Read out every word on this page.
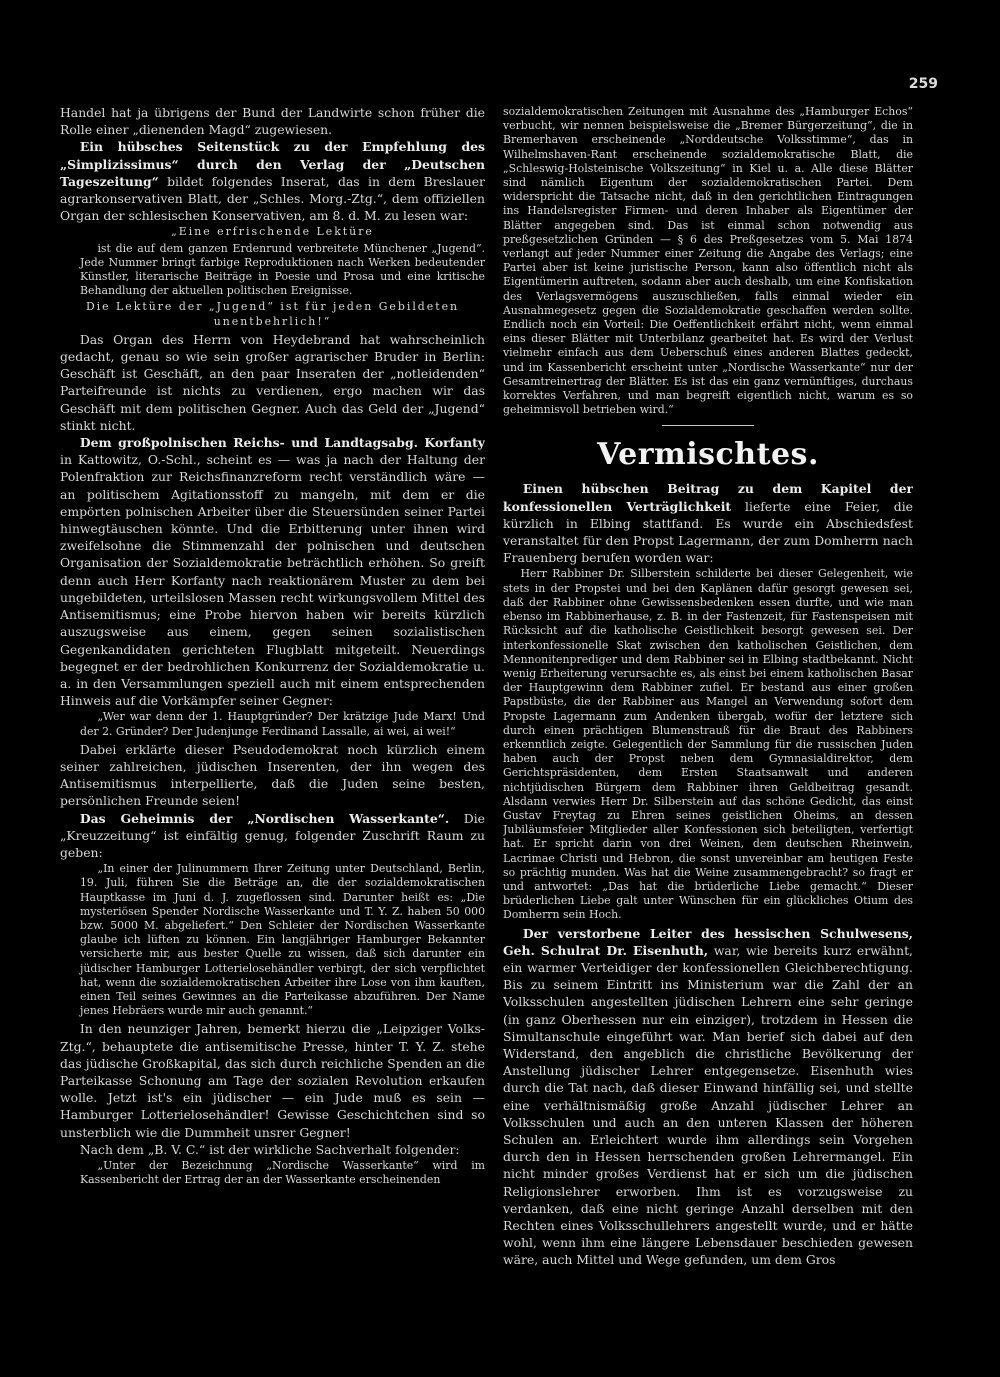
259

Handel hat ja übrigens der Bund der Landwirte schon früher die Rolle einer „dienenden Magd“ zugewiesen.

Ein hübsches Seitenstück zu der Empfehlung des „Simplizissimus“ durch den Verlag der „Deutschen Tageszeitung“ bildet folgendes Inserat, das in dem Breslauer agrarkonservativen Blatt, der „Schles. Morg.-Ztg.“, dem offiziellen Organ der schlesischen Konservativen, am 8. d. M. zu lesen war:

„Eine erfrischende Lektüre

ist die auf dem ganzen Erdenrund verbreitete Münchener „Jugend“. Jede Nummer bringt farbige Reproduktionen nach Werken bedeutender Künstler, literarische Beiträge in Poesie und Prosa und eine kritische Behandlung der aktuellen politischen Ereignisse.

Die Lektüre der „Jugend“ ist für jeden Gebildeten unentbehrlich!“

Das Organ des Herrn von Heydebrand hat wahrscheinlich gedacht, genau so wie sein großer agrarischer Bruder in Berlin: Geschäft ist Geschäft, an den paar Inseraten der „notleidenden“ Parteifreunde ist nichts zu verdienen, ergo machen wir das Geschäft mit dem politischen Gegner. Auch das Geld der „Jugend“ stinkt nicht.

Dem großpolnischen Reichs- und Landtagsabg. Korfanty in Kattowitz, O.-Schl., scheint es — was ja nach der Haltung der Polenfraktion zur Reichsfinanzreform recht verständlich wäre — an politischem Agitationsstoff zu mangeln, mit dem er die empörten polnischen Arbeiter über die Steuersünden seiner Partei hinwegtäuschen könnte. Und die Erbitterung unter ihnen wird zweifelsohne die Stimmenzahl der polnischen und deutschen Organisation der Sozialdemokratie beträchtlich erhöhen. So greift denn auch Herr Korfanty nach reaktionärem Muster zu dem bei ungebildeten, urteilslosen Massen recht wirkungsvollem Mittel des Antisemitismus; eine Probe hiervon haben wir bereits kürzlich auszugsweise aus einem, gegen seinen sozialistischen Gegenkandidaten gerichteten Flugblatt mitgeteilt. Neuerdings begegnet er der bedrohlichen Konkurrenz der Sozialdemokratie u. a. in den Versammlungen speziell auch mit einem entsprechenden Hinweis auf die Vorkämpfer seiner Gegner:

„Wer war denn der 1. Hauptgründer? Der krätzige Jude Marx! Und der 2. Gründer? Der Judenjunge Ferdinand Lassalle, ai wei, ai wei!“

Dabei erklärte dieser Pseudodemokrat noch kürzlich einem seiner zahlreichen, jüdischen Inserenten, der ihn wegen des Antisemitismus interpellierte, daß die Juden seine besten, persönlichen Freunde seien!

Das Geheimnis der „Nordischen Wasserkante“. Die „Kreuzzeitung“ ist einfältig genug, folgender Zuschrift Raum zu geben:

„In einer der Julinummern Ihrer Zeitung unter Deutschland, Berlin, 19. Juli, führen Sie die Beträge an, die der sozialdemokratischen Hauptkasse im Juni d. J. zugeflossen sind. Darunter heißt es: „Die mysteriösen Spender Nordische Wasserkante und T. Y. Z. haben 50 000 bzw. 5000 M. abgeliefert.“ Den Schleier der Nordischen Wasserkante glaube ich lüften zu können. Ein langjähriger Hamburger Bekannter versicherte mir, aus bester Quelle zu wissen, daß sich darunter ein jüdischer Hamburger Lotterielosehändler verbirgt, der sich verpflichtet hat, wenn die sozialdemokratischen Arbeiter ihre Lose von ihm kauften, einen Teil seines Gewinnes an die Parteikasse abzuführen. Der Name jenes Hebräers wurde mir auch genannt.“

In den neunziger Jahren, bemerkt hierzu die „Leipziger Volks-Ztg.“, behauptete die antisemitische Presse, hinter T. Y. Z. stehe das jüdische Großkapital, das sich durch reichliche Spenden an die Parteikasse Schonung am Tage der sozialen Revolution erkaufen wolle. Jetzt ist's ein jüdischer — ein Jude muß es sein — Hamburger Lotterielosehändler! Gewisse Geschichtchen sind so unsterblich wie die Dummheit unsrer Gegner!

Nach dem „B. V. C.“ ist der wirkliche Sachverhalt folgender:

„Unter der Bezeichnung „Nordische Wasserkante“ wird im Kassenbericht der Ertrag der an der Wasserkante erscheinenden

sozialdemokratischen Zeitungen mit Ausnahme des „Hamburger Echos“ verbucht, wir nennen beispielsweise die „Bremer Bürgerzeitung“, die in Bremerhaven erscheinende „Norddeutsche Volksstimme“, das in Wilhelmshaven-Rant erscheinende sozialdemokratische Blatt, die „Schleswig-Holsteinische Volkszeitung“ in Kiel u. a. Alle diese Blätter sind nämlich Eigentum der sozialdemokratischen Partei. Dem widerspricht die Tatsache nicht, daß in den gerichtlichen Eintragungen ins Handelsregister Firmen- und deren Inhaber als Eigentümer der Blätter angegeben sind. Das ist einmal schon notwendig aus preßgesetzlichen Gründen — § 6 des Preßgesetzes vom 5. Mai 1874 verlangt auf jeder Nummer einer Zeitung die Angabe des Verlags; eine Partei aber ist keine juristische Person, kann also öffentlich nicht als Eigentümerin auftreten, sodann aber auch deshalb, um eine Konfiskation des Verlagsvermögens auszuschließen, falls einmal wieder ein Ausnahmegesetz gegen die Sozialdemokratie geschaffen werden sollte. Endlich noch ein Vorteil: Die Oeffentlichkeit erfährt nicht, wenn einmal eins dieser Blätter mit Unterbilanz gearbeitet hat. Es wird der Verlust vielmehr einfach aus dem Ueberschuß eines anderen Blattes gedeckt, und im Kassenbericht erscheint unter „Nordische Wasserkante“ nur der Gesamtreinertrag der Blätter. Es ist das ein ganz vernünftiges, durchaus korrektes Verfahren, und man begreift eigentlich nicht, warum es so geheimnisvoll betrieben wird.“

Vermischtes.

Einen hübschen Beitrag zu dem Kapitel der konfessionellen Verträglichkeit lieferte eine Feier, die kürzlich in Elbing stattfand. Es wurde ein Abschiedsfest veranstaltet für den Propst Lagermann, der zum Domherrn nach Frauenberg berufen worden war:

Herr Rabbiner Dr. Silberstein schilderte bei dieser Gelegenheit, wie stets in der Propstei und bei den Kaplänen dafür gesorgt gewesen sei, daß der Rabbiner ohne Gewissensbedenken essen durfte, und wie man ebenso im Rabbinerhause, z. B. in der Fastenzeit, für Fastenspeisen mit Rücksicht auf die katholische Geistlichkeit besorgt gewesen sei. Der interkonfessionelle Skat zwischen den katholischen Geistlichen, dem Mennonitenprediger und dem Rabbiner sei in Elbing stadtbekannt. Nicht wenig Erheiterung verursachte es, als einst bei einem katholischen Basar der Hauptgewinn dem Rabbiner zufiel. Er bestand aus einer großen Papstbüste, die der Rabbiner aus Mangel an Verwendung sofort dem Propste Lagermann zum Andenken übergab, wofür der letztere sich durch einen prächtigen Blumenstrauß für die Braut des Rabbiners erkenntlich zeigte. Gelegentlich der Sammlung für die russischen Juden haben auch der Propst neben dem Gymnasialdirektor, dem Gerichtspräsidenten, dem Ersten Staatsanwalt und anderen nichtjüdischen Bürgern dem Rabbiner ihren Geldbeitrag gesandt. Alsdann verwies Herr Dr. Silberstein auf das schöne Gedicht, das einst Gustav Freytag zu Ehren seines geistlichen Oheims, an dessen Jubiläumsfeier Mitglieder aller Konfessionen sich beteiligten, verfertigt hat. Er spricht darin von drei Weinen, dem deutschen Rheinwein, Lacrimae Christi und Hebron, die sonst unvereinbar am heutigen Feste so prächtig munden. Was hat die Weine zusammengebracht? so fragt er und antwortet: „Das hat die brüderliche Liebe gemacht.“ Dieser brüderlichen Liebe galt unter Wünschen für ein glückliches Otium des Domherrn sein Hoch.

Der verstorbene Leiter des hessischen Schulwesens, Geh. Schulrat Dr. Eisenhuth, war, wie bereits kurz erwähnt, ein warmer Verteidiger der konfessionellen Gleichberechtigung. Bis zu seinem Eintritt ins Ministerium war die Zahl der an Volksschulen angestellten jüdischen Lehrern eine sehr geringe (in ganz Oberhessen nur ein einziger), trotzdem in Hessen die Simultanschule eingeführt war. Man berief sich dabei auf den Widerstand, den angeblich die christliche Bevölkerung der Anstellung jüdischer Lehrer entgegensetze. Eisenhuth wies durch die Tat nach, daß dieser Einwand hinfällig sei, und stellte eine verhältnismäßig große Anzahl jüdischer Lehrer an Volksschulen und auch an den unteren Klassen der höheren Schulen an. Erleichtert wurde ihm allerdings sein Vorgehen durch den in Hessen herrschenden großen Lehrermangel. Ein nicht minder großes Verdienst hat er sich um die jüdischen Religionslehrer erworben. Ihm ist es vorzugsweise zu verdanken, daß eine nicht geringe Anzahl derselben mit den Rechten eines Volksschullehrers angestellt wurde, und er hätte wohl, wenn ihm eine längere Lebensdauer beschieden gewesen wäre, auch Mittel und Wege gefunden, um dem Gros
